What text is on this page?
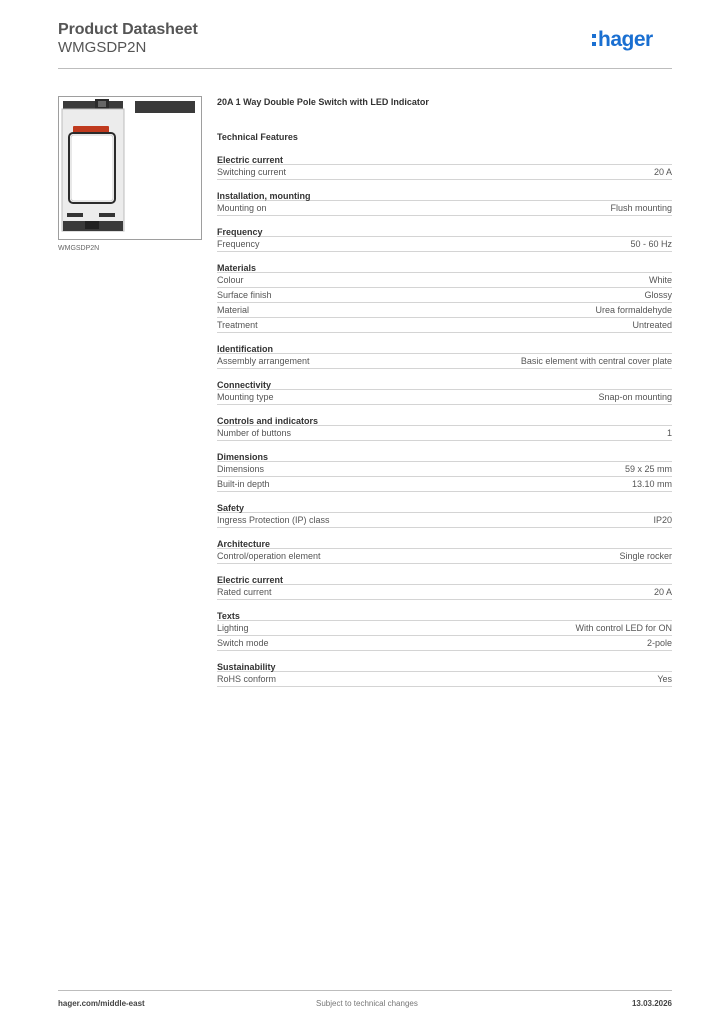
Product Datasheet
WMGSDP2N	hager
WMGSDP2N
20A 1 Way Double Pole Switch with LED Indicator
Technical Features
Electric current
Switching current	20 A
Installation, mounting
Mounting on	Flush mounting
Frequency
Frequency	50 - 60 Hz
Materials
Colour	White
Surface finish	Glossy
Material	Urea formaldehyde
Treatment	Untreated
Identification
Assembly arrangement	Basic element with central cover plate
Connectivity
Mounting type	Snap-on mounting
Controls and indicators
Number of buttons	1
Dimensions
Dimensions	59 x 25 mm
Built-in depth	13.10 mm
Safety
Ingress Protection (IP) class	IP20
Architecture
Control/operation element	Single rocker
Electric current
Rated current	20 A
Texts
Lighting	With control LED for ON
Switch mode	2-pole
Sustainability
RoHS conform	Yes
hager.com/middle-east	Subject to technical changes	13.03.2026
